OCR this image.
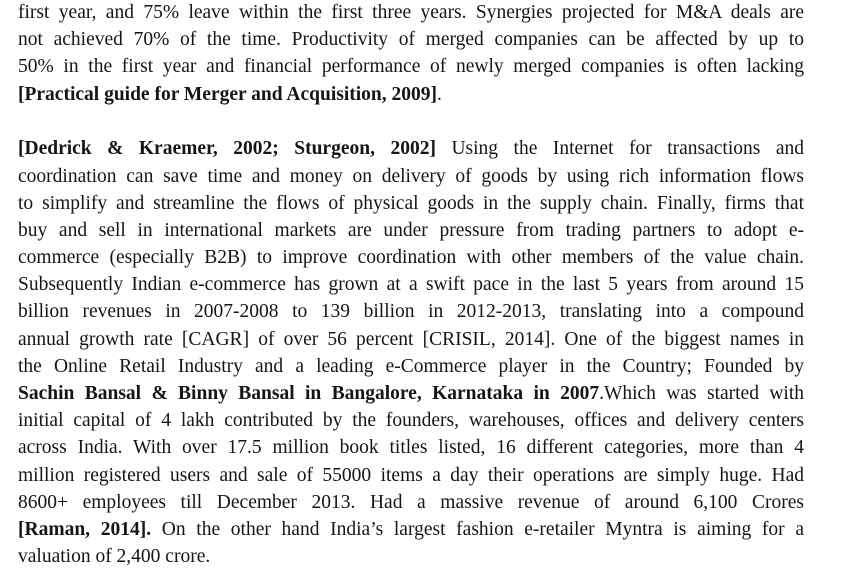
first year, and 75% leave within the first three years. Synergies projected for M&A deals are
not achieved 70% of the time. Productivity of merged companies can be affected by up to
50% in the first year and financial performance of newly merged companies is often lacking
[Practical guide for Merger and Acquisition, 2009].
[Dedrick & Kraemer, 2002; Sturgeon, 2002] Using the Internet for transactions and
coordination can save time and money on delivery of goods by using rich information flows
to simplify and streamline the flows of physical goods in the supply chain. Finally, firms that
buy and sell in international markets are under pressure from trading partners to adopt e-
commerce (especially B2B) to improve coordination with other members of the value chain.
Subsequently Indian e-commerce has grown at a swift pace in the last 5 years from around 15
billion revenues in 2007-2008 to 139 billion in 2012-2013, translating into a compound
annual growth rate [CAGR] of over 56 percent [CRISIL, 2014]. One of the biggest names in
the Online Retail Industry and a leading e-Commerce player in the Country; Founded by
Sachin Bansal & Binny Bansal in Bangalore, Karnataka in 2007.Which was started with
initial capital of 4 lakh contributed by the founders, warehouses, offices and delivery centers
across India. With over 17.5 million book titles listed, 16 different categories, more than 4
million registered users and sale of 55000 items a day their operations are simply huge. Had
8600+ employees till December 2013. Had a massive revenue of around 6,100 Crores
[Raman, 2014]. On the other hand India’s largest fashion e-retailer Myntra is aiming for a
valuation of 2,400 crore.
